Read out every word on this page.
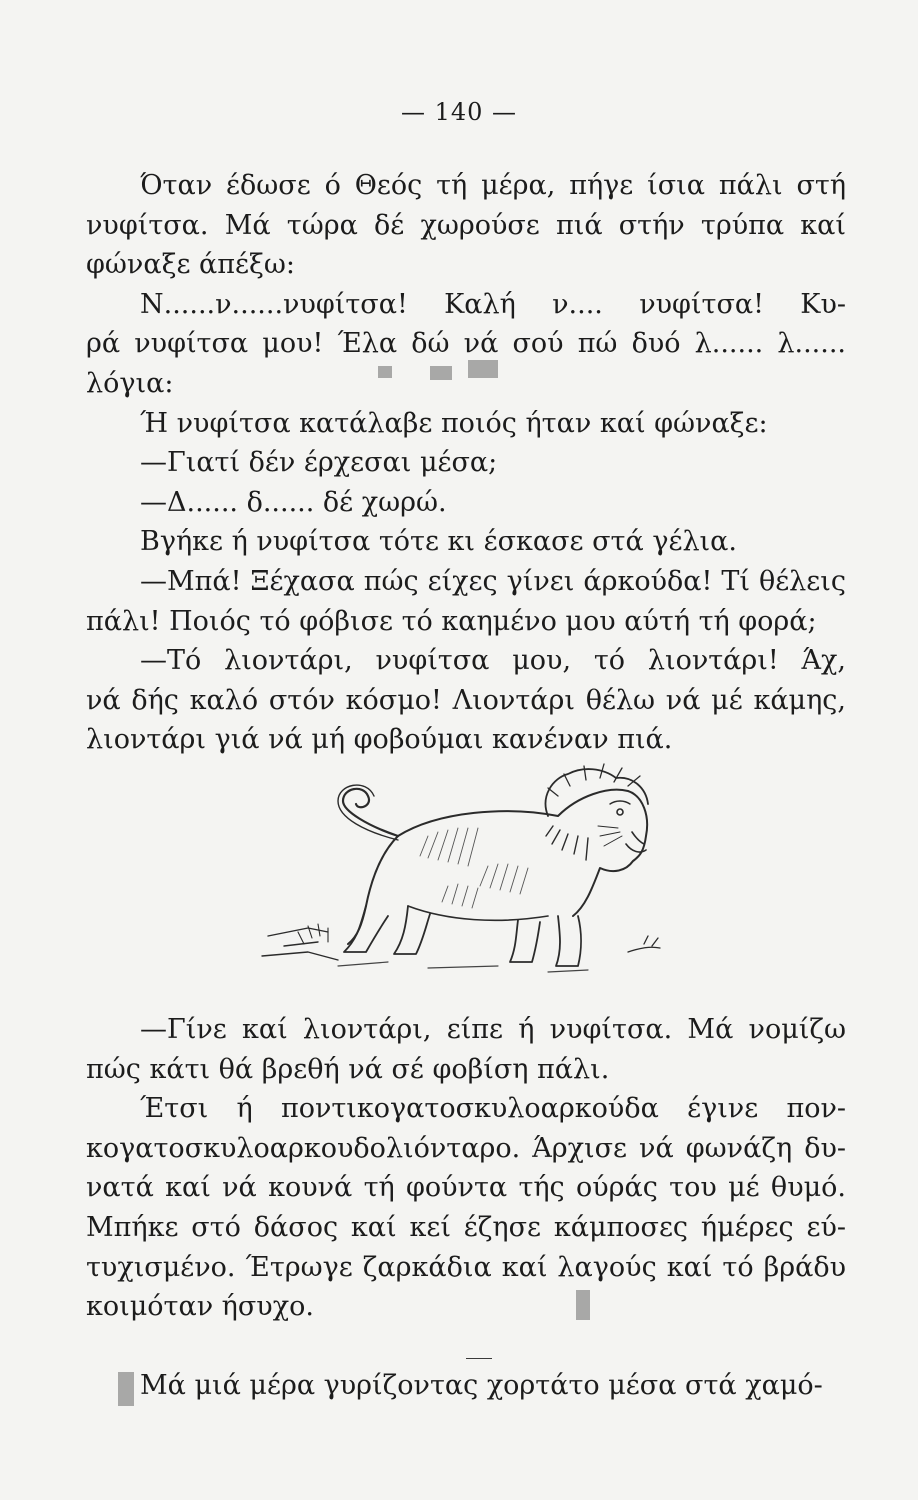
— 140 —
Όταν έδωσε ό Θεός τή μέρα, πήγε ίσια πάλι στή
νυφίτσα. Μά τώρα δέ χωρούσε πιά στήν τρύπα καί
φώναξε άπέξω:
Ν......ν......νυφίτσα! Καλή ν.... νυφίτσα! Κυ-
ρά νυφίτσα μου! Έλα δώ νά σού πώ δυό λ...... λ......
λόγια:
Ή νυφίτσα κατάλαβε ποιός ήταν καί φώναξε:
—Γιατί δέν έρχεσαι μέσα;
—Δ...... δ...... δέ χωρώ.
Βγήκε ή νυφίτσα τότε κι έσκασε στά γέλια.
—Μπά! Ξέχασα πώς είχες γίνει άρκούδα! Τί θέλεις
πάλι! Ποιός τό φόβισε τό καημένο μου αύτή τή φορά;
—Τό λιοντάρι, νυφίτσα μου, τό λιοντάρι! Άχ,
νά δής καλό στόν κόσμο! Λιοντάρι θέλω νά μέ κάμης,
λιοντάρι γιά νά μή φοβούμαι κανέναν πιά.
—Γίνε καί λιοντάρι, είπε ή νυφίτσα. Μά νομίζω
πώς κάτι θά βρεθή νά σέ φοβίση πάλι.
Έτσι ή ποντικογατοσκυλοαρκούδα έγινε πον-
κογατοσκυλοαρκουδολιόνταρο. Άρχισε νά φωνάζη δυ-
νατά καί νά κουνά τή φούντα τής ούράς του μέ θυμό.
Μπήκε στό δάσος καί κεί έζησε κάμποσες ήμέρες εύ-
τυχισμένο. Έτρωγε ζαρκάδια καί λαγούς καί τό βράδυ
κοιμόταν ήσυχο.
Μά μιά μέρα γυρίζοντας χορτάτο μέσα στά χαμό-
